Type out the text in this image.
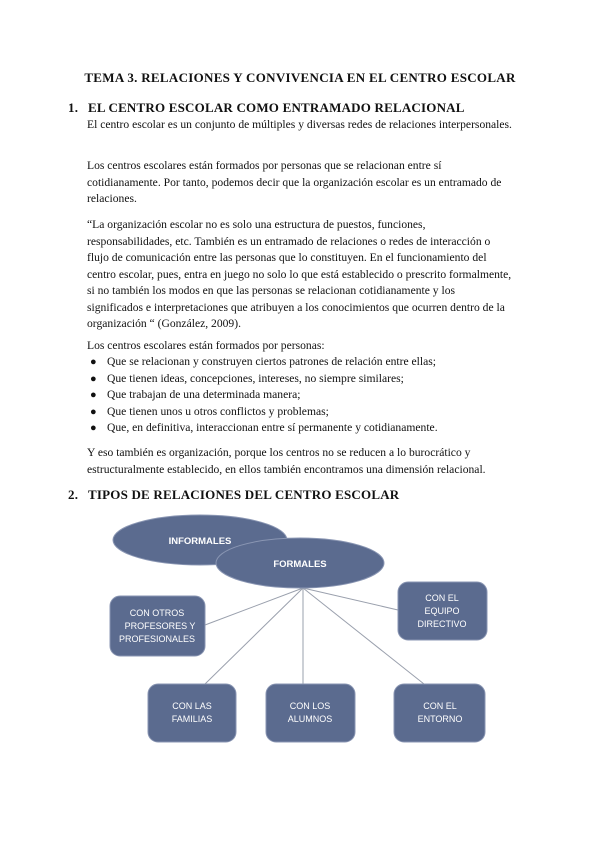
TEMA 3. RELACIONES Y CONVIVENCIA EN EL CENTRO ESCOLAR
1. EL CENTRO ESCOLAR COMO ENTRAMADO RELACIONAL

El centro escolar es un conjunto de múltiples y diversas redes de relaciones interpersonales.

Los centros escolares están formados por personas que se relacionan entre sí cotidianamente. Por tanto, podemos decir que la organización escolar es un entramado de relaciones.

“La organización escolar no es solo una estructura de puestos, funciones, responsabilidades, etc. También es un entramado de relaciones o redes de interacción o flujo de comunicación entre las personas que lo constituyen. En el funcionamiento del centro escolar, pues, entra en juego no solo lo que está establecido o prescrito formalmente, si no también los modos en que las personas se relacionan cotidianamente y los significados e interpretaciones que atribuyen a los conocimientos que ocurren dentro de la organización “ (González, 2009).

Los centros escolares están formados por personas:

● Que se relacionan y construyen ciertos patrones de relación entre ellas;
● Que tienen ideas, concepciones, intereses, no siempre similares;
● Que trabajan de una determinada manera;
● Que tienen unos u otros conflictos y problemas;
● Que, en definitiva, interaccionan entre sí permanente y cotidianamente.

Y eso también es organización, porque los centros no se reducen a lo burocrático y estructuralmente establecido, en ellos también encontramos una dimensión relacional.

2. TIPOS DE RELACIONES DEL CENTRO ESCOLAR
INFORMALES
FORMALES
CON OTROS
PROFESORES Y
PROFESIONALES
CON EL
EQUIPO
DIRECTIVO
CON LAS
FAMILIAS
CON LOS
ALUMNOS
CON EL
ENTORNO
